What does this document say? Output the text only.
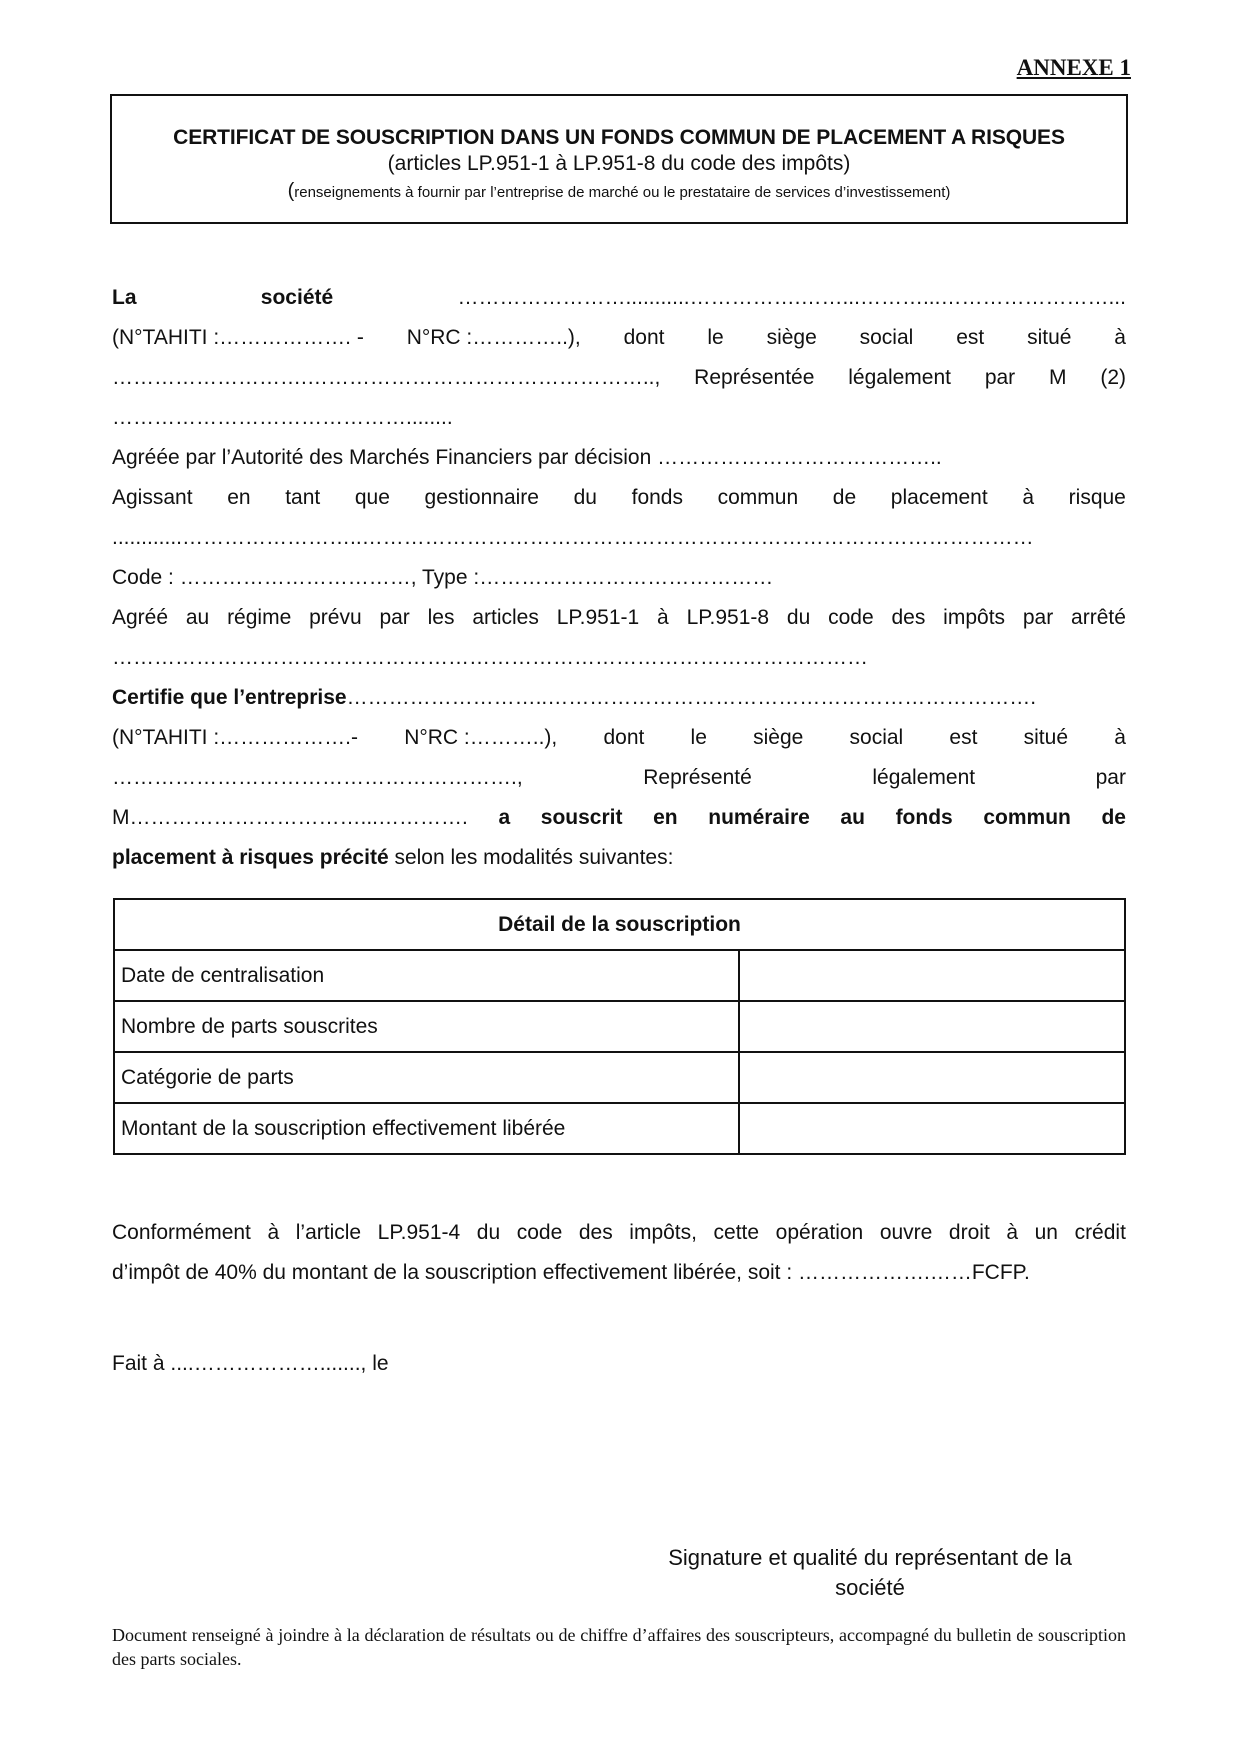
ANNEXE 1
CERTIFICAT DE SOUSCRIPTION DANS UN FONDS COMMUN DE PLACEMENT A RISQUES
(articles LP.951-1 à LP.951-8 du code des impôts)
(renseignements à fournir par l’entreprise de marché ou le prestataire de services d’investissement)
La	société	……………………...........…………….……...………...……………………...
(N°TAHITI :………………. - N°RC :…………..), dont le siège social est situé à
……………………….………………………………………….., Représentée légalement par M (2)
……………………………………........
Agréée par l’Autorité des Marchés Financiers par décision …………………………………..
Agissant en tant que gestionnaire du fonds commun de placement à risque
............……………………..……………………………………………………………………………………
Code : ……………………………, Type :……………………………………
Agréé au régime prévu par les articles LP.951-1 à LP.951-8 du code des impôts par arrêté
………………………………………………………………………………………………
Certifie que l’entreprise………………………..…………………………………………………………….
(N°TAHITI :……………….- N°RC :………..), dont le siège social est situé à
………………………………………………….,	Représenté	légalement	par
M……………………………...…………. a souscrit en numéraire au fonds commun de
placement à risques précité selon les modalités suivantes:
Détail de la souscription	
Date de centralisation	
Nombre de parts souscrites	
Catégorie de parts	
Montant de la souscription effectivement libérée	
Conformément à l’article LP.951-4 du code des impôts, cette opération ouvre droit à un crédit
d’impôt de 40% du montant de la souscription effectivement libérée, soit : ……………….……FCFP.
Fait à ....………………......., le
Signature et qualité du représentant de la
société
Document renseigné à joindre à la déclaration de résultats ou de chiffre d’affaires des souscripteurs, accompagné du bulletin de souscription des parts sociales.
